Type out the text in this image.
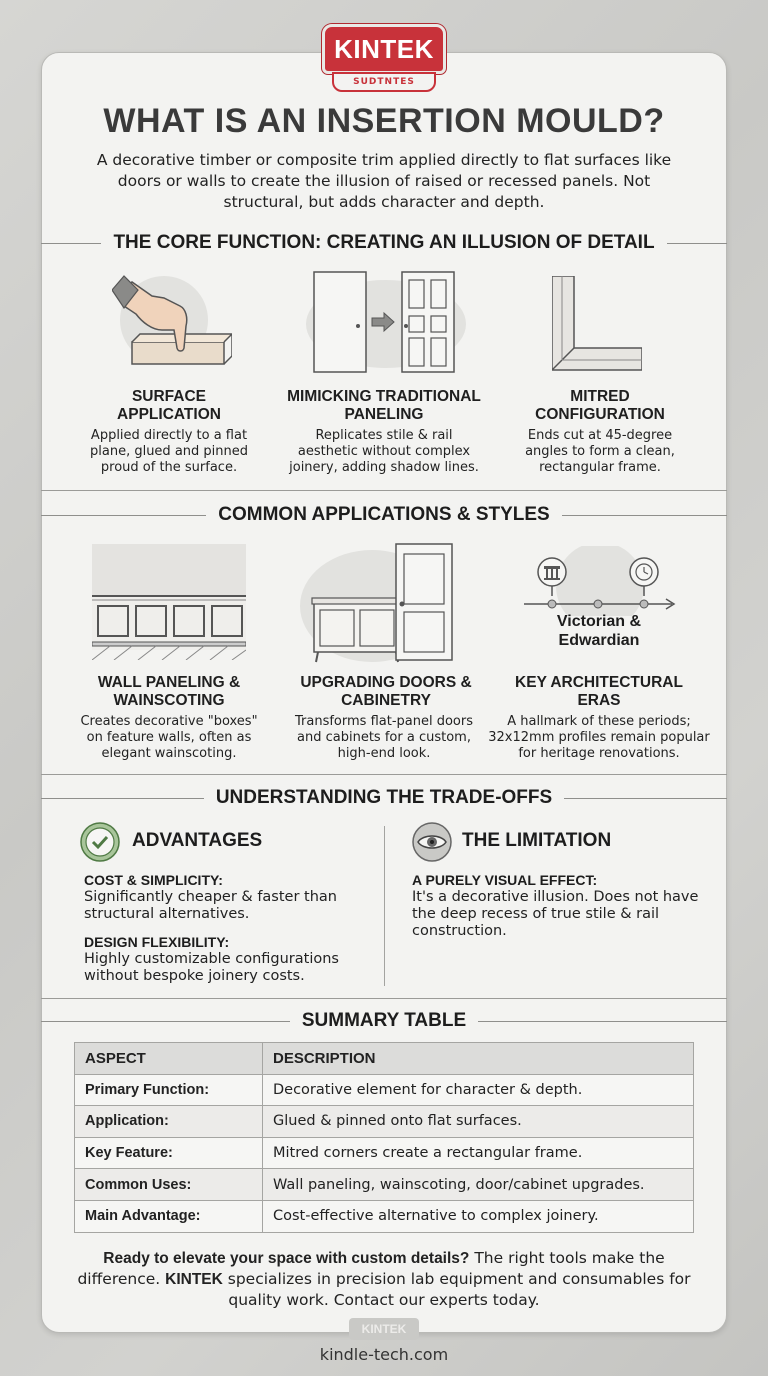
KINTEK
SUDTNTES
WHAT IS AN INSERTION MOULD?
A decorative timber or composite trim applied directly to flat surfaces like doors or walls to create the illusion of raised or recessed panels. Not structural, but adds character and depth.
THE CORE FUNCTION: CREATING AN ILLUSION OF DETAIL
SURFACE APPLICATION
MIMICKING TRADITIONAL PANELING
MITRED CONFIGURATION
Applied directly to a flat plane, glued and pinned proud of the surface.
Replicates stile & rail aesthetic without complex joinery, adding shadow lines.
Ends cut at 45-degree angles to form a clean, rectangular frame.
COMMON APPLICATIONS & STYLES
Victorian & Edwardian
WALL PANELING & WAINSCOTING
UPGRADING DOORS & CABINETRY
KEY ARCHITECTURAL ERAS
Creates decorative "boxes" on feature walls, often as elegant wainscoting.
Transforms flat-panel doors and cabinets for a custom, high-end look.
A hallmark of these periods; 32x12mm profiles remain popular for heritage renovations.
UNDERSTANDING THE TRADE-OFFS
ADVANTAGES
COST & SIMPLICITY:
Significantly cheaper & faster than structural alternatives.
DESIGN FLEXIBILITY:
Highly customizable configurations without bespoke joinery costs.
THE LIMITATION
A PURELY VISUAL EFFECT:
It's a decorative illusion. Does not have the deep recess of true stile & rail construction.
SUMMARY TABLE
ASPECT	DESCRIPTION
Primary Function:	Decorative element for character & depth.
Application:	Glued & pinned onto flat surfaces.
Key Feature:	Mitred corners create a rectangular frame.
Common Uses:	Wall paneling, wainscoting, door/cabinet upgrades.
Main Advantage:	Cost-effective alternative to complex joinery.
Ready to elevate your space with custom details? The right tools make the difference. KINTEK specializes in precision lab equipment and consumables for quality work. Contact our experts today.
KINTEK
kindle-tech.com
